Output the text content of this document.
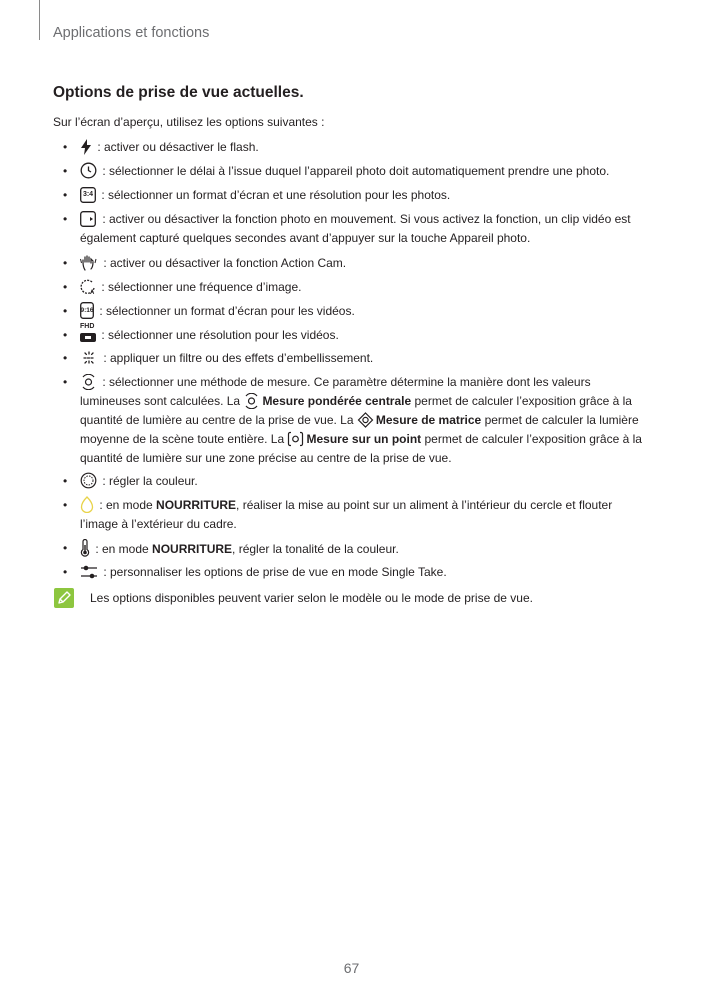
Applications et fonctions
Options de prise de vue actuelles.
Sur l’écran d’aperçu, utilisez les options suivantes :
• : activer ou désactiver le flash.
•	: sélectionner le délai à l’issue duquel l’appareil photo doit automatiquement prendre une photo.
•	3:4 : sélectionner un format d’écran et une résolution pour les photos.
•	: activer ou désactiver la fonction photo en mouvement. Si vous activez la fonction, un clip vidéo est
également capturé quelques secondes avant d’appuyer sur la touche Appareil photo.
•	: activer ou désactiver la fonction Action Cam.
•	A : sélectionner une fréquence d’image.
• 9:16 : sélectionner un format d’écran pour les vidéos.
•
FHD
: sélectionner une résolution pour les vidéos.
•	: appliquer un filtre ou des effets d’embellissement.
•	: sélectionner une méthode de mesure. Ce paramètre détermine la manière dont les valeurs
lumineuses sont calculées. La
Mesure pondérée centrale permet de calculer l’exposition grâce à la
quantité de lumière au centre de la prise de vue. La
Mesure de matrice permet de calculer la lumière
moyenne de la scène toute entière. La
Mesure sur un point permet de calculer l’exposition grâce à la
quantité de lumière sur une zone précise au centre de la prise de vue.
•	: régler la couleur.
• : en mode NOURRITURE, réaliser la mise au point sur un aliment à l’intérieur du cercle et flouter
l’image à l’extérieur du cadre.
• : en mode NOURRITURE, régler la tonalité de la couleur.
•	: personnaliser les options de prise de vue en mode Single Take.
Les options disponibles peuvent varier selon le modèle ou le mode de prise de vue.
67
